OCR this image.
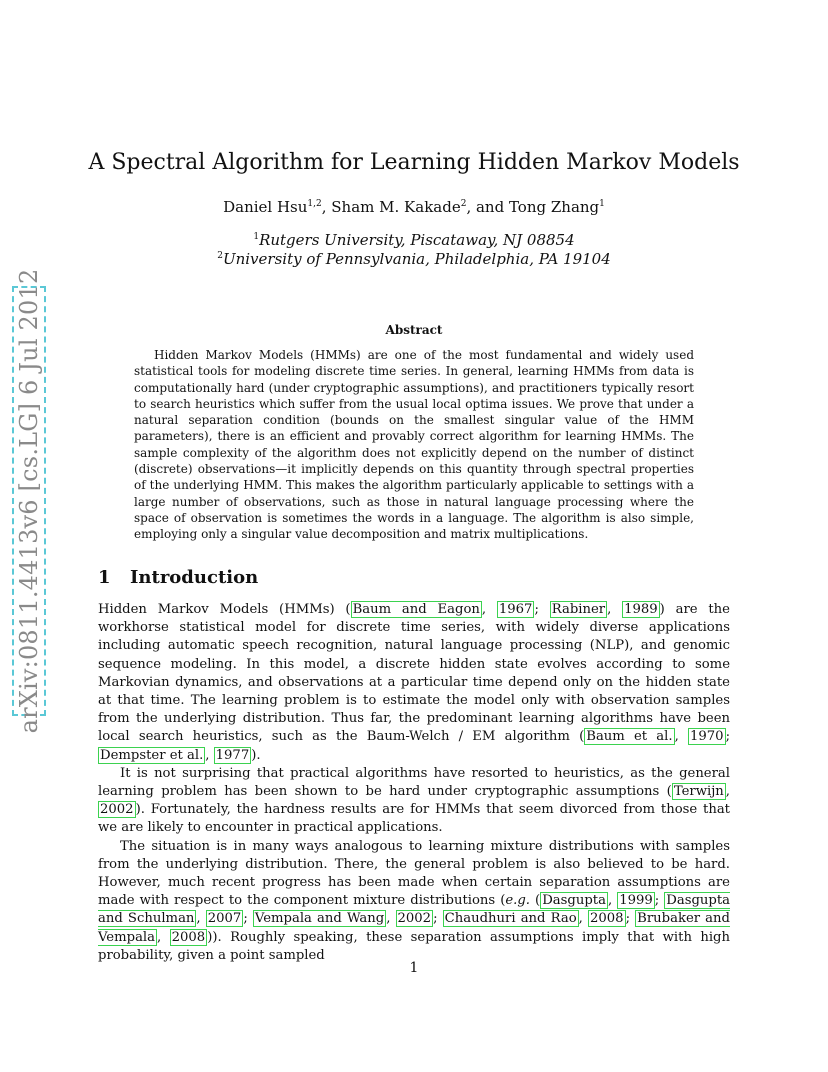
arXiv:0811.4413v6 [cs.LG] 6 Jul 2012
A Spectral Algorithm for Learning Hidden Markov Models
Daniel Hsu$^{1,2}$, Sham M. Kakade$^2$, and Tong Zhang$^1$
$^1$Rutgers University, Piscataway, NJ 08854
$^2$University of Pennsylvania, Philadelphia, PA 19104
Abstract
Hidden Markov Models (HMMs) are one of the most fundamental and widely used statistical tools for modeling discrete time series. In general, learning HMMs from data is computationally hard (under cryptographic assumptions), and practitioners typically resort to search heuristics which suffer from the usual local optima issues. We prove that under a natural separation condition (bounds on the smallest singular value of the HMM parameters), there is an efficient and provably correct algorithm for learning HMMs. The sample complexity of the algorithm does not explicitly depend on the number of distinct (discrete) observations—it implicitly depends on this quantity through spectral properties of the underlying HMM. This makes the algorithm particularly applicable to settings with a large number of observations, such as those in natural language processing where the space of observation is sometimes the words in a language. The algorithm is also simple, employing only a singular value decomposition and matrix multiplications.
1 Introduction

Hidden Markov Models (HMMs) ( Baum and Eagon , 1967 ; Rabiner , 1989 ) are the workhorse statistical model for discrete time series, with widely diverse applications including automatic speech recognition, natural language processing (NLP), and genomic sequence modeling. In this model, a discrete hidden state evolves according to some Markovian dynamics, and observations at a particular time depend only on the hidden state at that time. The learning problem is to estimate the model only with observation samples from the underlying distribution. Thus far, the predominant learning algorithms have been local search heuristics, such as the Baum-Welch / EM algorithm ( Baum et al. , 1970 ; Dempster et al. , 1977 ).

It is not surprising that practical algorithms have resorted to heuristics, as the general learning problem has been shown to be hard under cryptographic assumptions ( Terwijn , 2002 ). Fortunately, the hardness results are for HMMs that seem divorced from those that we are likely to encounter in practical applications.

The situation is in many ways analogous to learning mixture distributions with samples from the underlying distribution. There, the general problem is also believed to be hard. However, much recent progress has been made when certain separation assumptions are made with respect to the component mixture distributions (e.g. ( Dasgupta , 1999 ; Dasgupta and Schulman , 2007 ; Vempala and Wang , 2002 ; Chaudhuri and Rao , 2008 ; Brubaker and Vempala , 2008 )). Roughly speaking, these separation assumptions imply that with high probability, given a point sampled

1
